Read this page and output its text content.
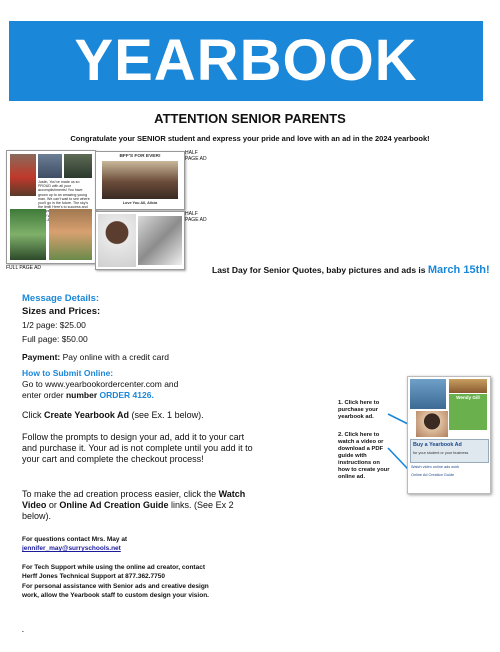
YEARBOOK
ATTENTION SENIOR PARENTS
Congratulate your SENIOR student and express your pride and love with an ad in the 2024 yearbook!
Justin, You've made us so PROUD with all your accomplishments! You have grown up to an amazing young man. We can't wait to see where you'll go in the future. The sky's the limit! Here's to success and
FULL PAGE AD
BFF'S FOR EVER!
Love You All, Alicia
HALF PAGE AD
HALF PAGE AD
Last Day for Senior Quotes, baby pictures and ads is March 15th!
Message Details:
Sizes and Prices:
1/2 page: $25.00
Full page: $50.00
Payment: Pay online with a credit card
How to Submit Online:
Go to www.yearbookordercenter.com and
enter order number ORDER 4126.
Click Create Yearbook Ad (see Ex. 1 below).
Follow the prompts to design your ad, add it to your cart and purchase it. Your ad is not complete until you add it to your cart and complete the checkout process!
To make the ad creation process easier, click the Watch Video or Online Ad Creation Guide links. (See Ex 2 below).
For questions contact Mrs. May at
jennifer_may@surryschools.net
For Tech Support while using the online ad creator, contact
Herff Jones Technical Support at 877.362.7750
For personal assistance with Senior ads and creative design
work, allow the Yearbook staff to custom design your vision.
.
1. Click here to purchase your yearbook ad.
2. Click here to watch a video or download a PDF guide with instructions on how to create your online ad.
Wendy Gill
Buy a Yearbook Ad
for your student or your business
Watch video online ads work
Online Ad Creation Guide
